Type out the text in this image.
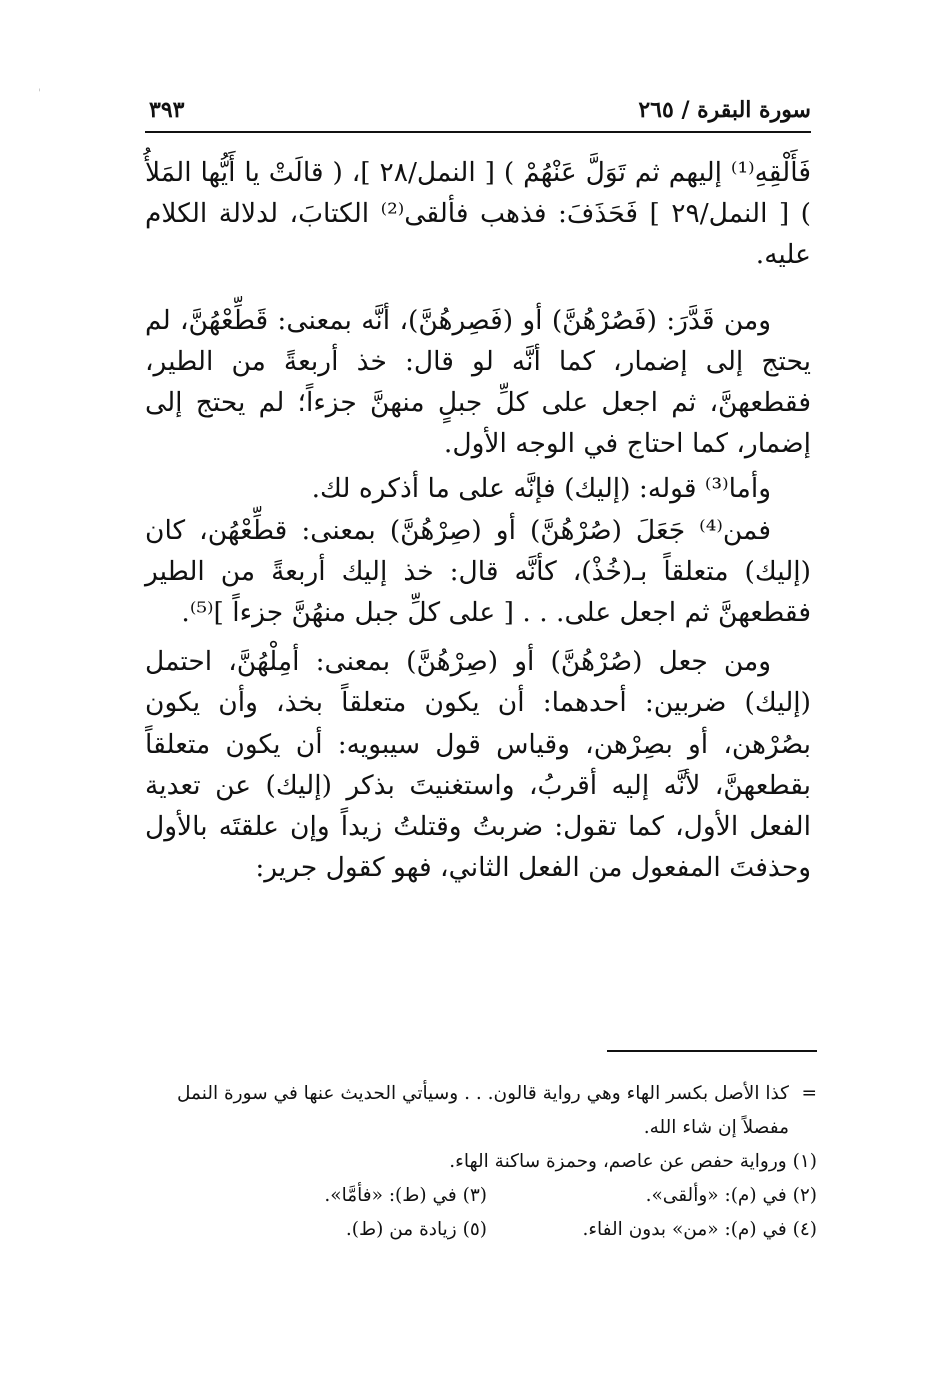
'
سورة البقرة / ٢٦٥
٣٩٣

فَأَلْقِهِ⁽¹⁾ إليهم ثم تَوَلَّ عَنْهُمْ ) [ النمل/٢٨ ]، ( قالَتْ يا أَيُّها المَلأُ ) [ النمل/٢٩ ] فَحَذَفَ: فذهب فألقى⁽²⁾ الكتابَ، لدلالة الكلام عليه.

ومن قَدَّرَ: (فَصُرْهُنَّ) أو (فَصِرهُنَّ)، أنَّه بمعنى: قَطِّعْهُنَّ، لم يحتج إلى إضمار، كما أنَّه لو قال: خذ أربعةً من الطير، فقطعهنَّ، ثم اجعل على كلِّ جبلٍ منهنَّ جزءاً؛ لم يحتج إلى إضمار، كما احتاج في الوجه الأول.

وأما⁽³⁾ قوله: (إليك) فإنَّه على ما أذكره لك.

فمن⁽⁴⁾ جَعَلَ (صُرْهُنَّ) أو (صِرْهُنَّ) بمعنى: قطِّعْهُن، كان (إليك) متعلقاً بـ(خُذْ)، كأنَّه قال: خذ إليك أربعةً من الطير فقطعهنَّ ثم اجعل على. . . [ على كلِّ جبل منهُنَّ جزءاً ]⁽⁵⁾.

ومن جعل (صُرْهُنَّ) أو (صِرْهُنَّ) بمعنى: أمِلْهُنَّ، احتمل (إليك) ضربين: أحدهما: أن يكون متعلقاً بخذ، وأن يكون بصُرْهن، أو بصِرْهن، وقياس قول سيبويه: أن يكون متعلقاً بقطعهنَّ، لأنَّه إليه أقربُ، واستغنيتَ بذكر (إليك) عن تعدية الفعل الأول، كما تقول: ضربتُ وقتلتُ زيداً وإن علقتَه بالأول وحذفتَ المفعول من الفعل الثاني، فهو كقول جرير:

=
كذا الأصل بكسر الهاء وهي رواية قالون. . . وسيأتي الحديث عنها في سورة النمل مفصلاً إن شاء الله.
(١) ورواية حفص عن عاصم، وحمزة ساكنة الهاء.
(٢) في (م): «وألقى».
(٣) في (ط): «فأمَّا».
(٤) في (م): «من» بدون الفاء.
(٥) زيادة من (ط).
